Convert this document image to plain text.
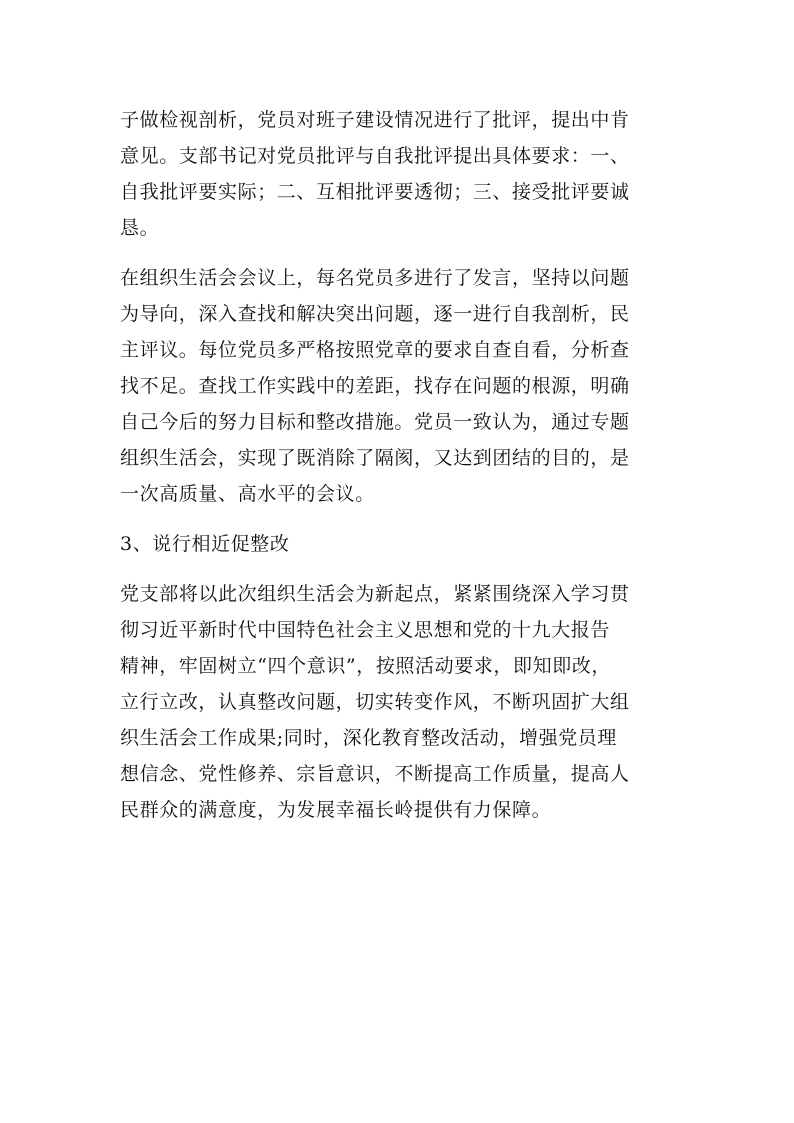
子做检视剖析，党员对班子建设情况进行了批评，提出中肯
意见。支部书记对党员批评与自我批评提出具体要求：一、
自我批评要实际；二、互相批评要透彻；三、接受批评要诚
恳。
在组织生活会会议上，每名党员多进行了发言，坚持以问题
为导向，深入查找和解决突出问题，逐一进行自我剖析，民
主评议。每位党员多严格按照党章的要求自查自看，分析查
找不足。查找工作实践中的差距，找存在问题的根源，明确
自己今后的努力目标和整改措施。党员一致认为，通过专题
组织生活会，实现了既消除了隔阂，又达到团结的目的，是
一次高质量、高水平的会议。
3、说行相近促整改
党支部将以此次组织生活会为新起点，紧紧围绕深入学习贯
彻习近平新时代中国特色社会主义思想和党的十九大报告
精神，牢固树立“四个意识”，按照活动要求，即知即改，
立行立改，认真整改问题，切实转变作风，不断巩固扩大组
织生活会工作成果;同时，深化教育整改活动，增强党员理
想信念、党性修养、宗旨意识，不断提高工作质量，提高人
民群众的满意度，为发展幸福长岭提供有力保障。
